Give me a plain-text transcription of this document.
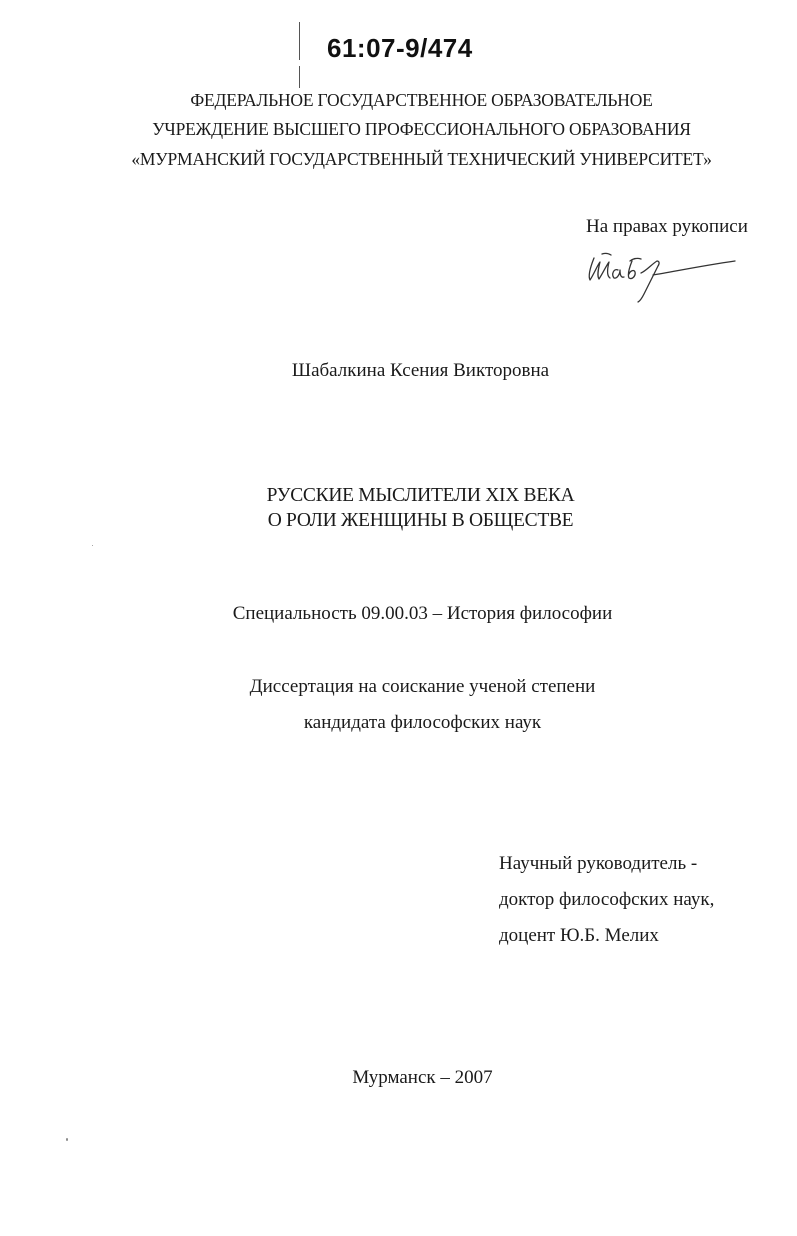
61:07-9/474
ФЕДЕРАЛЬНОЕ ГОСУДАРСТВЕННОЕ ОБРАЗОВАТЕЛЬНОЕ
УЧРЕЖДЕНИЕ ВЫСШЕГО ПРОФЕССИОНАЛЬНОГО ОБРАЗОВАНИЯ
«МУРМАНСКИЙ ГОСУДАРСТВЕННЫЙ ТЕХНИЧЕСКИЙ УНИВЕРСИТЕТ»
На правах рукописи
Шабалкина Ксения Викторовна
РУССКИЕ МЫСЛИТЕЛИ XIX ВЕКА
О РОЛИ ЖЕНЩИНЫ В ОБЩЕСТВЕ
Специальность 09.00.03 – История философии
Диссертация на соискание ученой степени
кандидата философских наук
Научный руководитель -
доктор философских наук,
доцент Ю.Б. Мелих
Мурманск – 2007
